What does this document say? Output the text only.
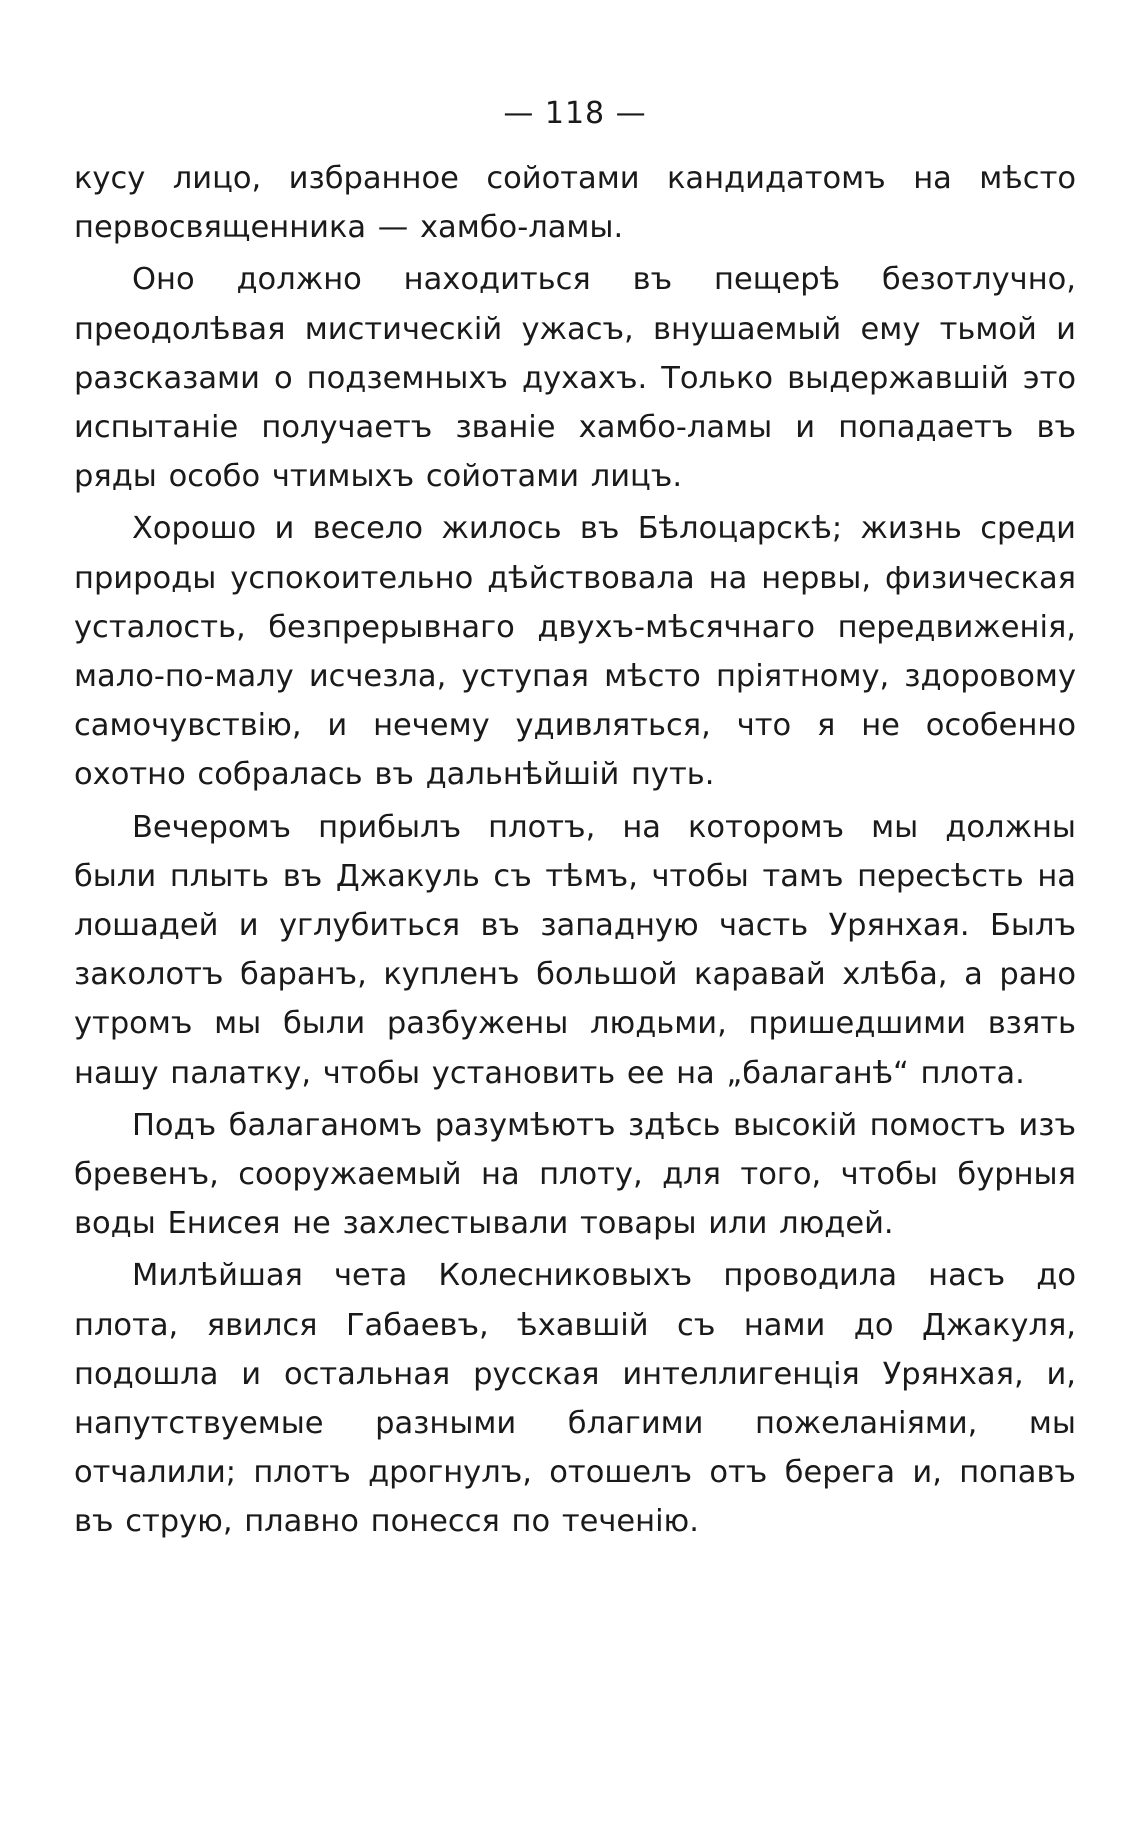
— 118 —

кусу лицо, избранное сойотами кандидатомъ на мѣсто первосвященника — хамбо-ламы.

Оно должно находиться въ пещерѣ безотлучно, преодолѣвая мистическій ужасъ, внушаемый ему тьмой и разсказами о подземныхъ духахъ. Только выдержавшій это испытаніе получаетъ званіе хамбо-ламы и попадаетъ въ ряды особо чтимыхъ сойотами лицъ.

Хорошо и весело жилось въ Бѣлоцарскѣ; жизнь среди природы успокоительно дѣйствовала на нервы, физическая усталость, безпрерывнаго двухъ-мѣсячнаго передвиженія, мало-по-малу исчезла, уступая мѣсто пріятному, здоровому самочувствію, и нечему удивляться, что я не особенно охотно собралась въ дальнѣйшій путь.

Вечеромъ прибылъ плотъ, на которомъ мы должны были плыть въ Джакуль съ тѣмъ, чтобы тамъ пересѣсть на лошадей и углубиться въ западную часть Урянхая. Былъ заколотъ баранъ, купленъ большой каравай хлѣба, а рано утромъ мы были разбужены людьми, пришедшими взять нашу палатку, чтобы установить ее на „балаганѣ“ плота.

Подъ балаганомъ разумѣютъ здѣсь высокій помостъ изъ бревенъ, сооружаемый на плоту, для того, чтобы бурныя воды Енисея не захлестывали товары или людей.

Милѣйшая чета Колесниковыхъ проводила насъ до плота, явился Габаевъ, ѣхавшій съ нами до Джакуля, подошла и остальная русская интеллигенція Урянхая, и, напутствуемые разными благими пожеланіями, мы отчалили; плотъ дрогнулъ, отошелъ отъ берега и, попавъ въ струю, плавно понесся по теченію.
